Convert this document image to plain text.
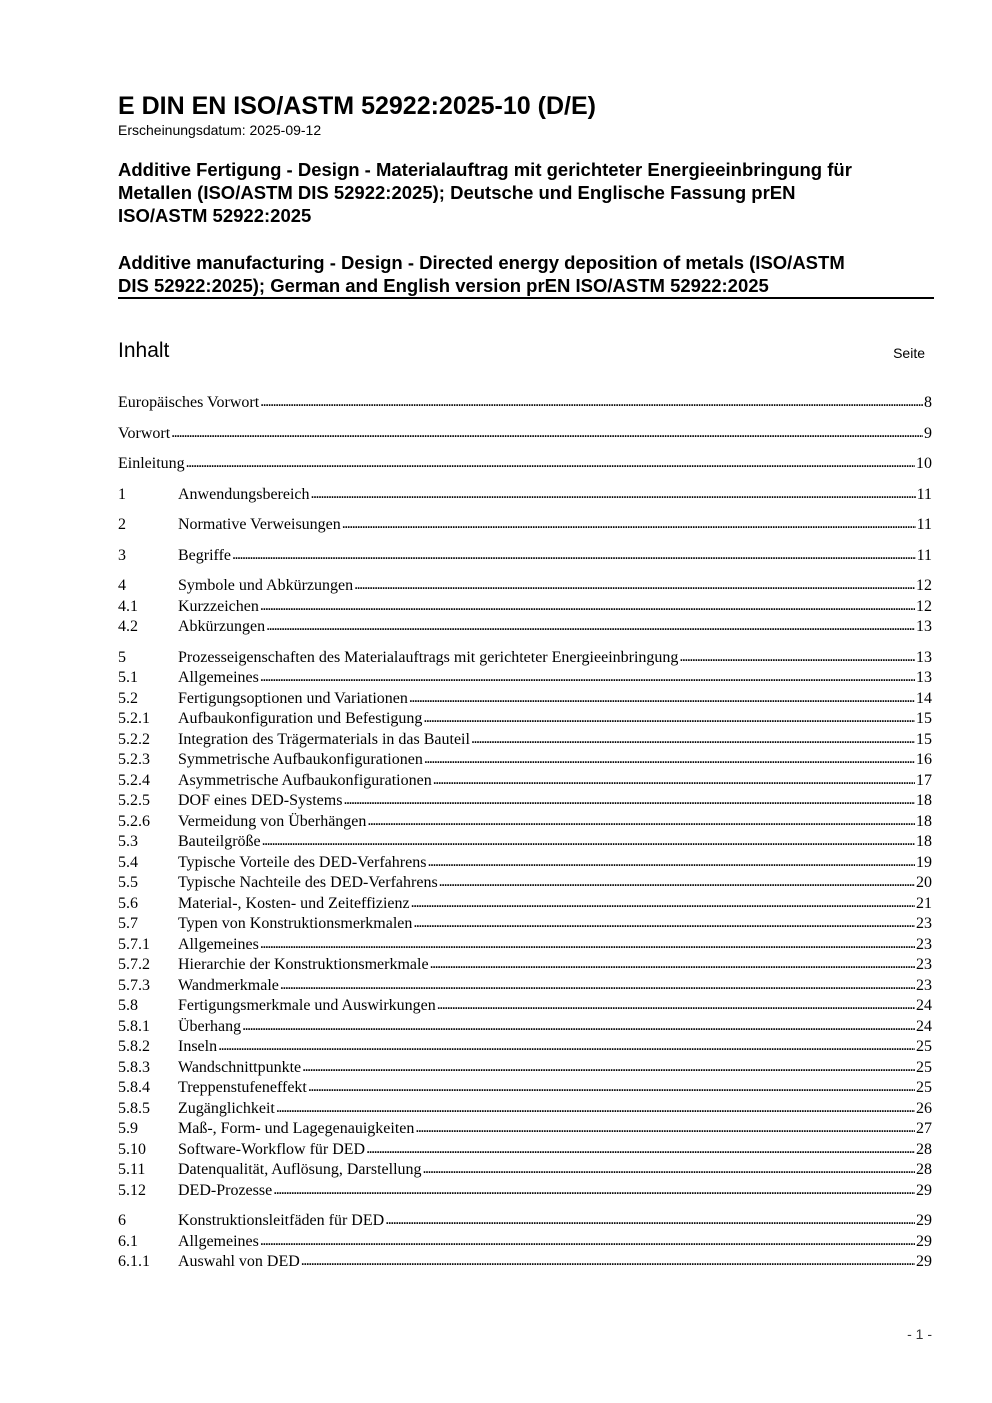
E DIN EN ISO/ASTM 52922:2025-10 (D/E)
Erscheinungsdatum: 2025-09-12
Additive Fertigung - Design - Materialauftrag mit gerichteter Energieeinbringung für
Metallen (ISO/ASTM DIS 52922:2025); Deutsche und Englische Fassung prEN
ISO/ASTM 52922:2025
Additive manufacturing - Design - Directed energy deposition of metals (ISO/ASTM
DIS 52922:2025); German and English version prEN ISO/ASTM 52922:2025
Inhalt	Seite
Europäisches Vorwort .....	8
Vorwort .....	9
Einleitung .....	10
1	Anwendungsbereich .....	11
2	Normative Verweisungen .....	11
3	Begriffe .....	11
4	Symbole und Abkürzungen .....	12
4.1	Kurzzeichen .....	12
4.2	Abkürzungen .....	13
5	Prozesseigenschaften des Materialauftrags mit gerichteter Energieeinbringung .....	13
5.1	Allgemeines .....	13
5.2	Fertigungsoptionen und Variationen .....	14
5.2.1	Aufbaukonfiguration und Befestigung .....	15
5.2.2	Integration des Trägermaterials in das Bauteil .....	15
5.2.3	Symmetrische Aufbaukonfigurationen .....	16
5.2.4	Asymmetrische Aufbaukonfigurationen .....	17
5.2.5	DOF eines DED-Systems .....	18
5.2.6	Vermeidung von Überhängen .....	18
5.3	Bauteilgröße .....	18
5.4	Typische Vorteile des DED-Verfahrens .....	19
5.5	Typische Nachteile des DED-Verfahrens .....	20
5.6	Material-, Kosten- und Zeiteffizienz .....	21
5.7	Typen von Konstruktionsmerkmalen .....	23
5.7.1	Allgemeines .....	23
5.7.2	Hierarchie der Konstruktionsmerkmale .....	23
5.7.3	Wandmerkmale .....	23
5.8	Fertigungsmerkmale und Auswirkungen .....	24
5.8.1	Überhang .....	24
5.8.2	Inseln .....	25
5.8.3	Wandschnittpunkte .....	25
5.8.4	Treppenstufeneffekt .....	25
5.8.5	Zugänglichkeit .....	26
5.9	Maß-, Form- und Lagegenauigkeiten .....	27
5.10	Software-Workflow für DED .....	28
5.11	Datenqualität, Auflösung, Darstellung .....	28
5.12	DED-Prozesse .....	29
6	Konstruktionsleitfäden für DED .....	29
6.1	Allgemeines .....	29
6.1.1	Auswahl von DED .....	29
- 1 -
